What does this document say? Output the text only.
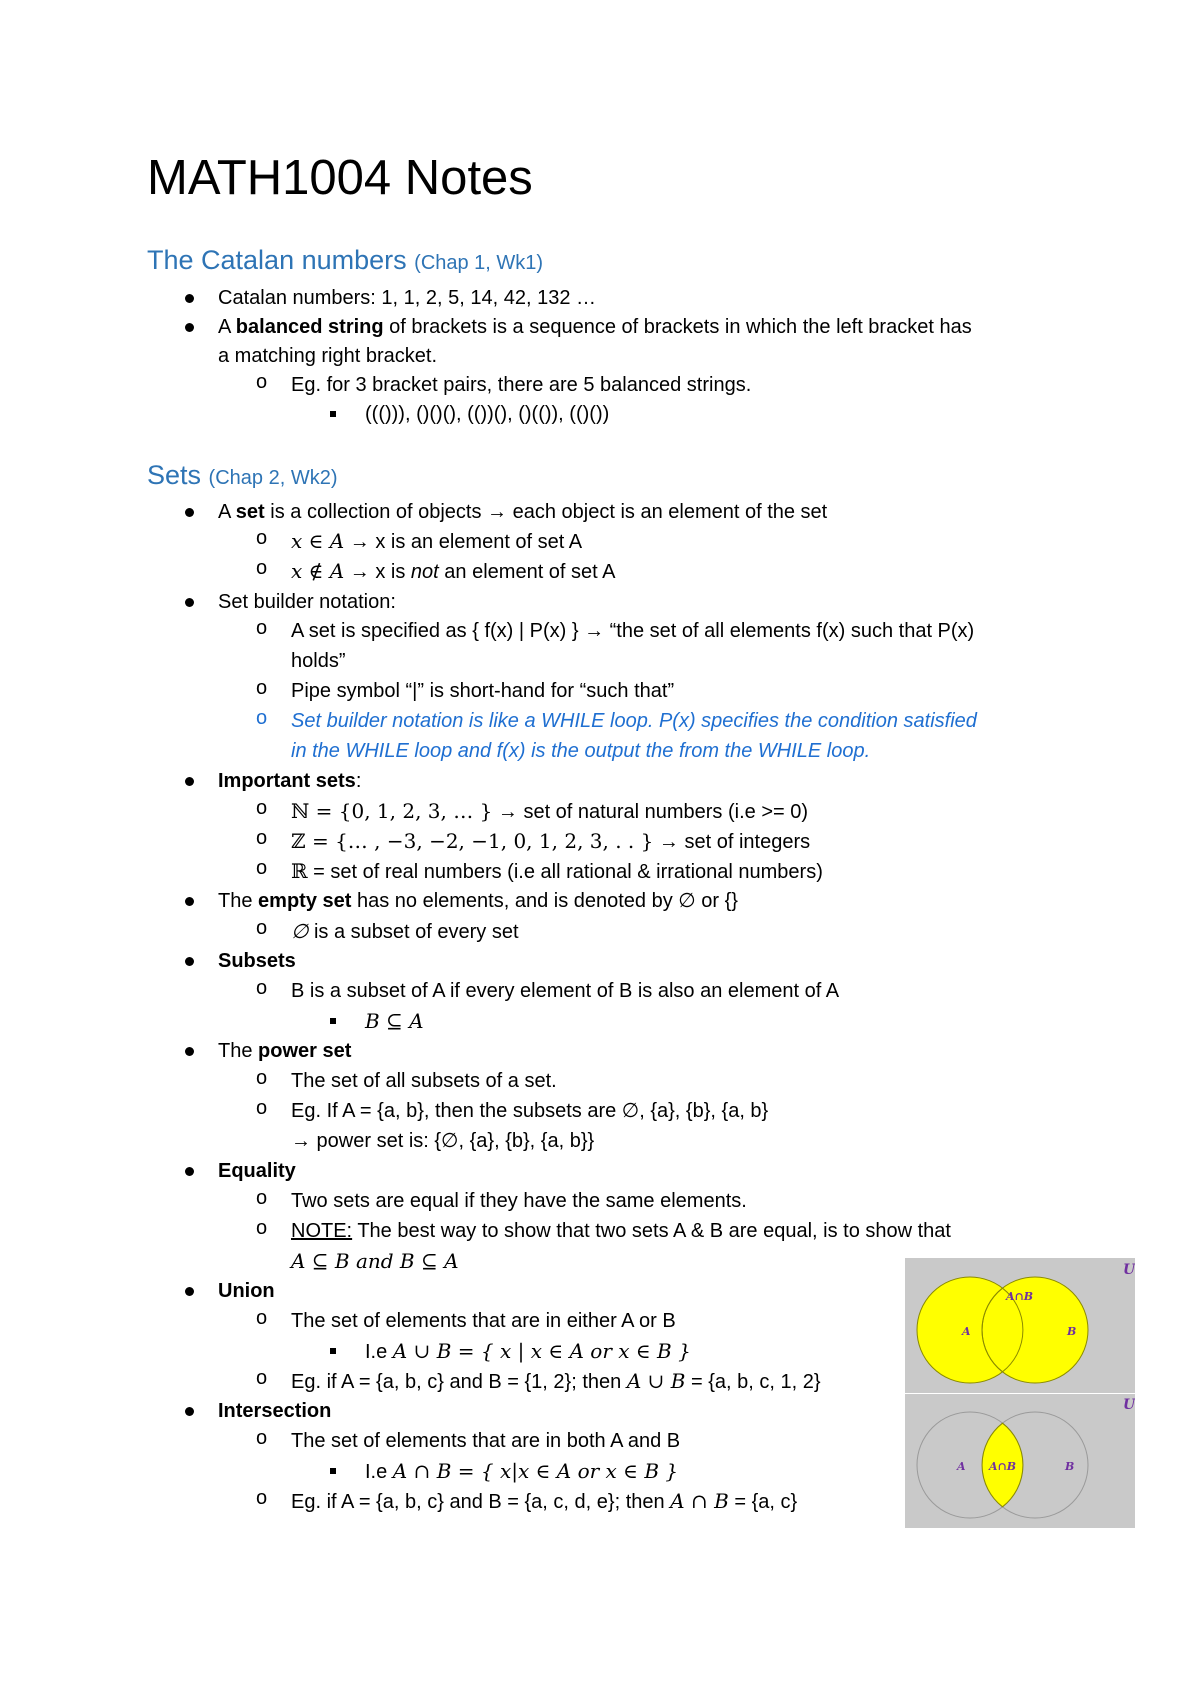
MATH1004 Notes
The Catalan numbers (Chap 1, Wk1)
Catalan numbers: 1, 1, 2, 5, 14, 42, 132 …
A balanced string of brackets is a sequence of brackets in which the left bracket has
a matching right bracket.
o Eg. for 3 bracket pairs, there are 5 balanced strings.
((())), ()()(), (())(), ()(()), (()())
Sets (Chap 2, Wk2)
A set is a collection of objects → each object is an element of the set
o x ∈ A → x is an element of set A
o x ∉ A → x is not an element of set A
Set builder notation:
o A set is specified as { f(x) | P(x) } → “the set of all elements f(x) such that P(x)
holds”
o Pipe symbol “|” is short-hand for “such that”
o Set builder notation is like a WHILE loop. P(x) specifies the condition satisfied
in the WHILE loop and f(x) is the output the from the WHILE loop.
Important sets:
o ℕ = {0, 1, 2, 3, … } → set of natural numbers (i.e >= 0)
o ℤ = {… , −3, −2, −1, 0, 1, 2, 3, . . } → set of integers
o ℝ = set of real numbers (i.e all rational & irrational numbers)
The empty set has no elements, and is denoted by ∅ or {}
o ∅ is a subset of every set
Subsets
o B is a subset of A if every element of B is also an element of A
B ⊆ A
The power set
o The set of all subsets of a set.
o Eg. If A = {a, b}, then the subsets are ∅, {a}, {b}, {a, b}
→ power set is: {∅, {a}, {b}, {a, b}}
Equality
o Two sets are equal if they have the same elements.
o NOTE: The best way to show that two sets A & B are equal, is to show that
A ⊆ B and B ⊆ A
Union
o The set of elements that are in either A or B
I.e A ∪ B = { x | x ∈ A or x ∈ B }
o Eg. if A = {a, b, c} and B = {1, 2}; then A ∪ B = {a, b, c, 1, 2}
Intersection
o The set of elements that are in both A and B
I.e A ∩ B = { x|x ∈ A or x ∈ B }
o Eg. if A = {a, b, c} and B = {a, c, d, e}; then A ∩ B = {a, c}
U
A	B
A∩B
U
A	B
A∩B
